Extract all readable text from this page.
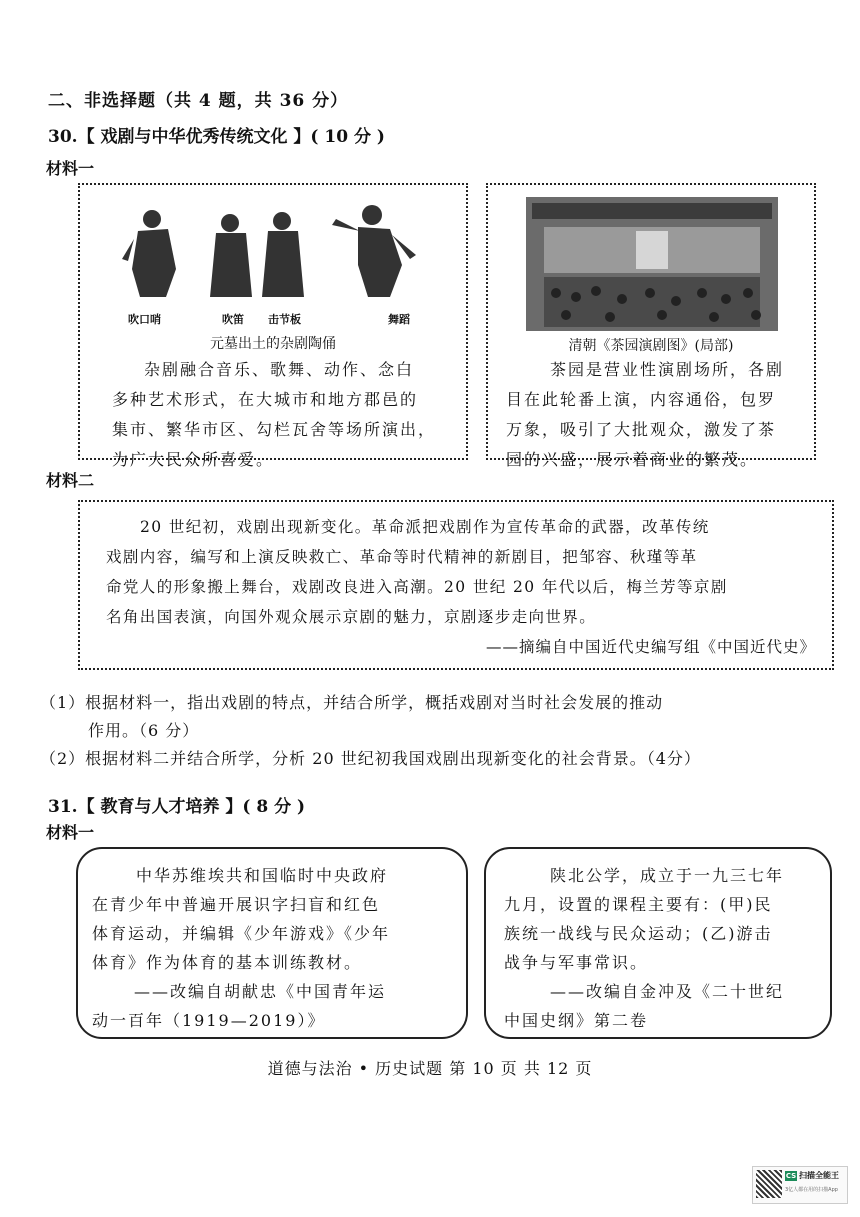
二、非选择题（共 4 题，共 36 分）
30.【 戏剧与中华优秀传统文化 】( 10 分 )
材料一
吹口哨	吹笛 击节板	舞蹈
元墓出土的杂剧陶俑
杂剧融合音乐、歌舞、动作、念白
多种艺术形式，在大城市和地方郡邑的
集市、繁华市区、勾栏瓦舍等场所演出，
为广大民众所喜爱。
清朝《茶园演剧图》(局部)
茶园是营业性演剧场所，各剧
目在此轮番上演，内容通俗，包罗
万象，吸引了大批观众，激发了茶
园的兴盛，展示着商业的繁茂。
材料二
20 世纪初，戏剧出现新变化。革命派把戏剧作为宣传革命的武器，改革传统
戏剧内容，编写和上演反映救亡、革命等时代精神的新剧目，把邹容、秋瑾等革
命党人的形象搬上舞台，戏剧改良进入高潮。20 世纪 20 年代以后，梅兰芳等京剧
名角出国表演，向国外观众展示京剧的魅力，京剧逐步走向世界。
——摘编自中国近代史编写组《中国近代史》
（1）根据材料一，指出戏剧的特点，并结合所学，概括戏剧对当时社会发展的推动
作用。（6 分）
（2）根据材料二并结合所学，分析 20 世纪初我国戏剧出现新变化的社会背景。（4分）
31.【 教育与人才培养 】( 8 分 )
材料一
中华苏维埃共和国临时中央政府
在青少年中普遍开展识字扫盲和红色
体育运动，并编辑《少年游戏》《少年
体育》作为体育的基本训练教材。
——改编自胡献忠《中国青年运
动一百年（1919—2019）》
陕北公学，成立于一九三七年
九月，设置的课程主要有：(甲)民
族统一战线与民众运动；(乙)游击
战争与军事常识。
——改编自金冲及《二十世纪
中国史纲》第二卷
道德与法治 • 历史试题 第 10 页 共 12 页
CS 扫描全能王
3亿人都在用的扫描App
